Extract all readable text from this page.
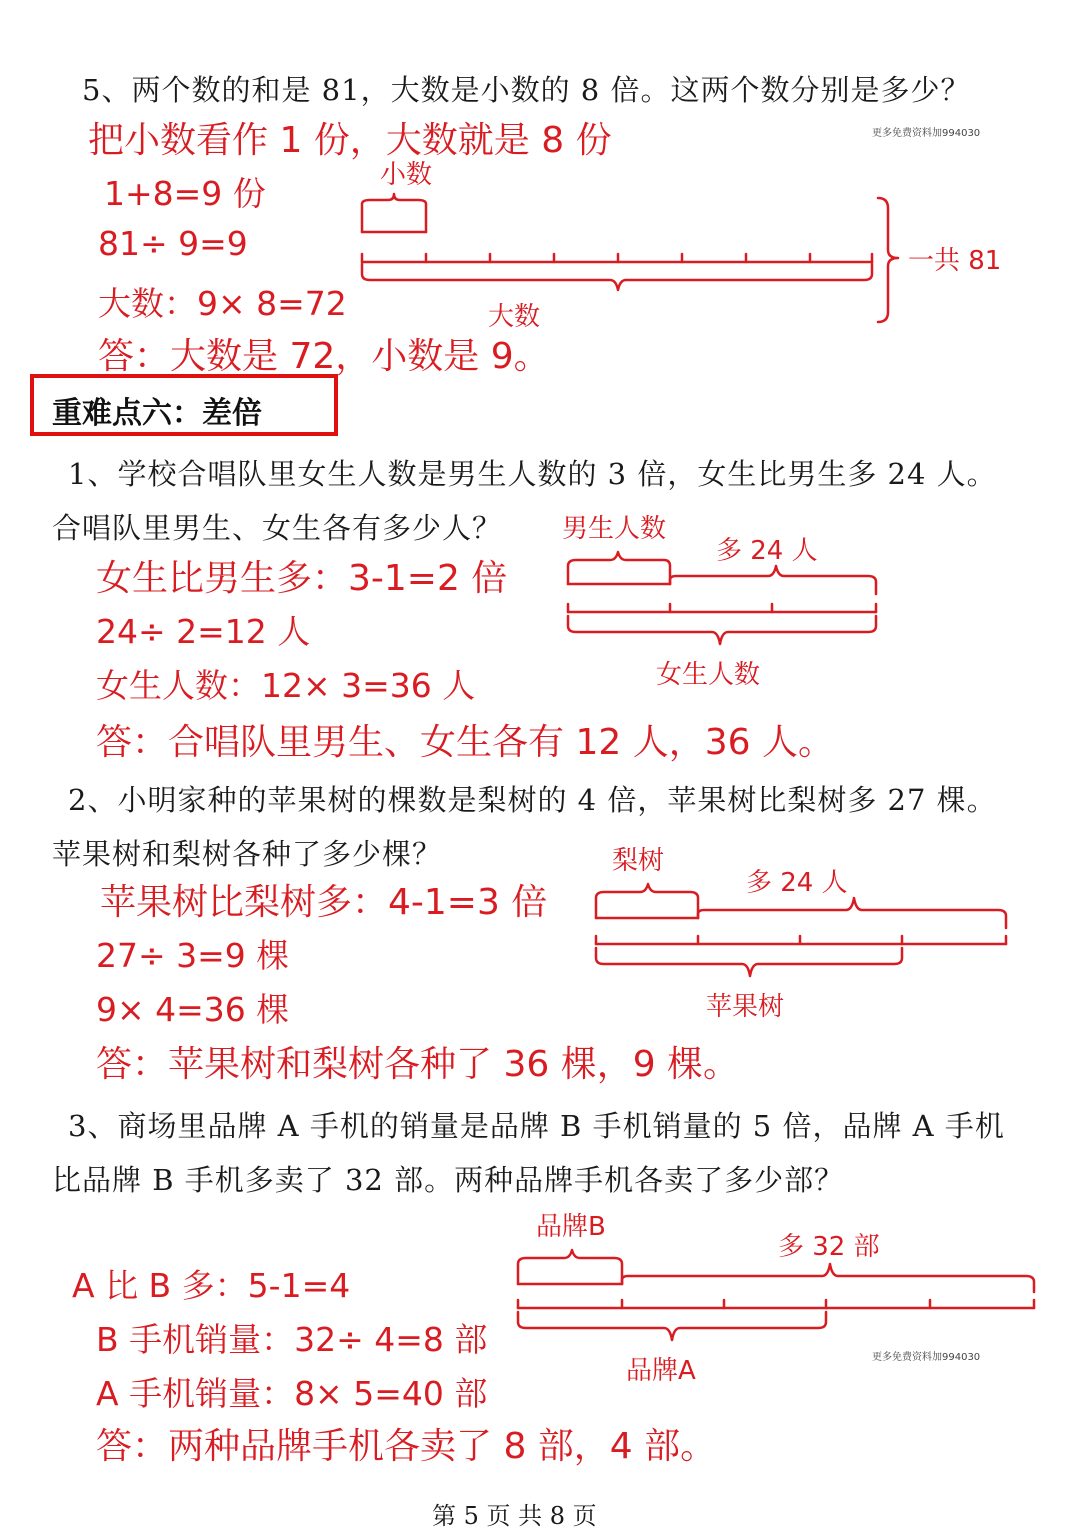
5、两个数的和是 81，大数是小数的 8 倍。这两个数分别是多少？
把小数看作 1 份，大数就是 8 份	更多免费资料加994030
1+8=9 份
81÷ 9=9
大数：9× 8=72
答：大数是 72，小数是 9。
小数
大数
一共 81
重难点六：差倍
1、学校合唱队里女生人数是男生人数的 3 倍，女生比男生多 24 人。
合唱队里男生、女生各有多少人？
女生比男生多：3-1=2 倍
24÷ 2=12 人
女生人数：12× 3=36 人
答：合唱队里男生、女生各有 12 人，36 人。
男生人数
多 24 人
女生人数
2、小明家种的苹果树的棵数是梨树的 4 倍，苹果树比梨树多 27 棵。
苹果树和梨树各种了多少棵？
苹果树比梨树多：4-1=3 倍
27÷ 3=9 棵
9× 4=36 棵
答：苹果树和梨树各种了 36 棵，9 棵。
梨树
多 24 人
苹果树
3、商场里品牌 A 手机的销量是品牌 B 手机销量的 5 倍，品牌 A 手机
比品牌 B 手机多卖了 32 部。两种品牌手机各卖了多少部？
A 比 B 多：5-1=4
B 手机销量：32÷ 4=8 部
A 手机销量：8× 5=40 部
答：两种品牌手机各卖了 8 部，4 部。
更多免费资料加994030
品牌B
多 32 部
品牌A
第 5 页 共 8 页
